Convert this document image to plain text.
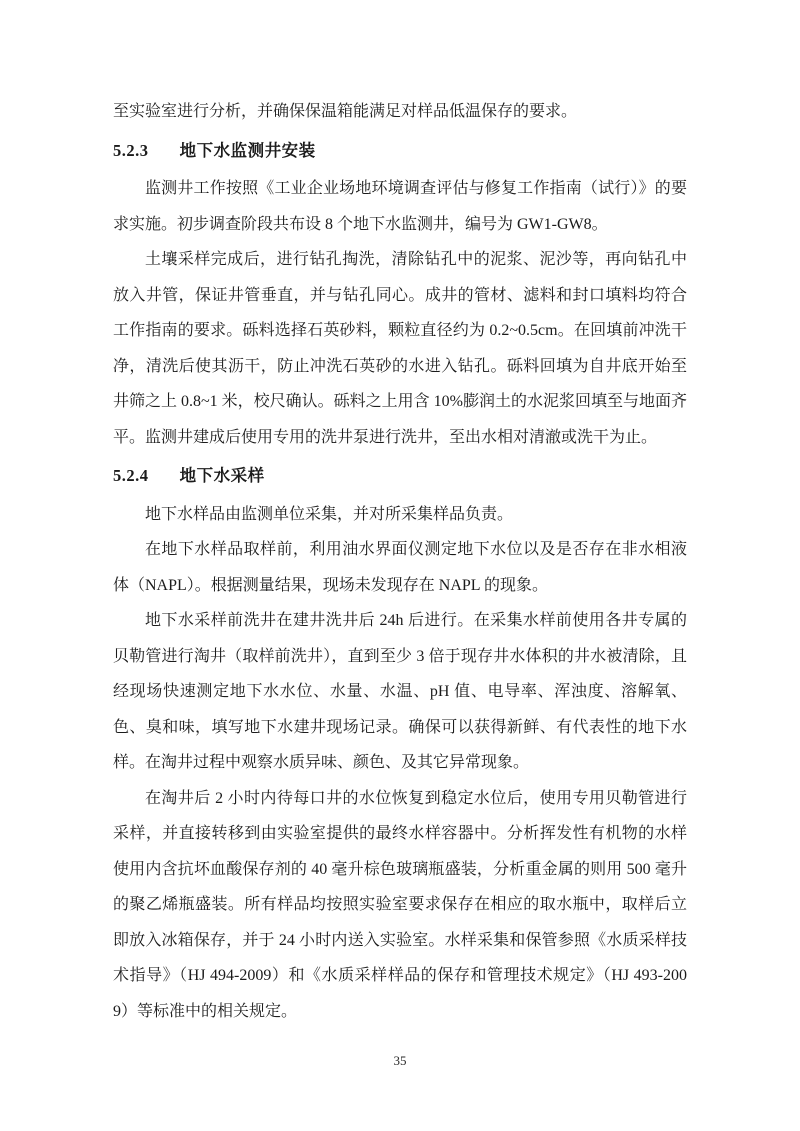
至实验室进行分析，并确保保温箱能满足对样品低温保存的要求。

5.2.3 地下水监测井安装

监测井工作按照《工业企业场地环境调查评估与修复工作指南（试行）》的要求实施。初步调查阶段共布设 8 个地下水监测井，编号为 GW1-GW8。

土壤采样完成后，进行钻孔掏洗，清除钻孔中的泥浆、泥沙等，再向钻孔中放入井管，保证井管垂直，并与钻孔同心。成井的管材、滤料和封口填料均符合工作指南的要求。砾料选择石英砂料，颗粒直径约为 0.2~0.5cm。在回填前冲洗干净，清洗后使其沥干，防止冲洗石英砂的水进入钻孔。砾料回填为自井底开始至井筛之上 0.8~1 米，校尺确认。砾料之上用含 10%膨润土的水泥浆回填至与地面齐平。监测井建成后使用专用的洗井泵进行洗井，至出水相对清澈或洗干为止。

5.2.4 地下水采样

地下水样品由监测单位采集，并对所采集样品负责。

在地下水样品取样前，利用油水界面仪测定地下水位以及是否存在非水相液体（NAPL）。根据测量结果，现场未发现存在 NAPL 的现象。

地下水采样前洗井在建井洗井后 24h 后进行。在采集水样前使用各井专属的贝勒管进行淘井（取样前洗井），直到至少 3 倍于现存井水体积的井水被清除，且经现场快速测定地下水水位、水量、水温、pH 值、电导率、浑浊度、溶解氧、色、臭和味，填写地下水建井现场记录。确保可以获得新鲜、有代表性的地下水样。在淘井过程中观察水质异味、颜色、及其它异常现象。

在淘井后 2 小时内待每口井的水位恢复到稳定水位后，使用专用贝勒管进行采样，并直接转移到由实验室提供的最终水样容器中。分析挥发性有机物的水样使用内含抗坏血酸保存剂的 40 毫升棕色玻璃瓶盛装，分析重金属的则用 500 毫升的聚乙烯瓶盛装。所有样品均按照实验室要求保存在相应的取水瓶中，取样后立即放入冰箱保存，并于 24 小时内送入实验室。水样采集和保管参照《水质采样技术指导》（HJ 494-2009）和《水质采样样品的保存和管理技术规定》（HJ 493-2009）等标准中的相关规定。

35
